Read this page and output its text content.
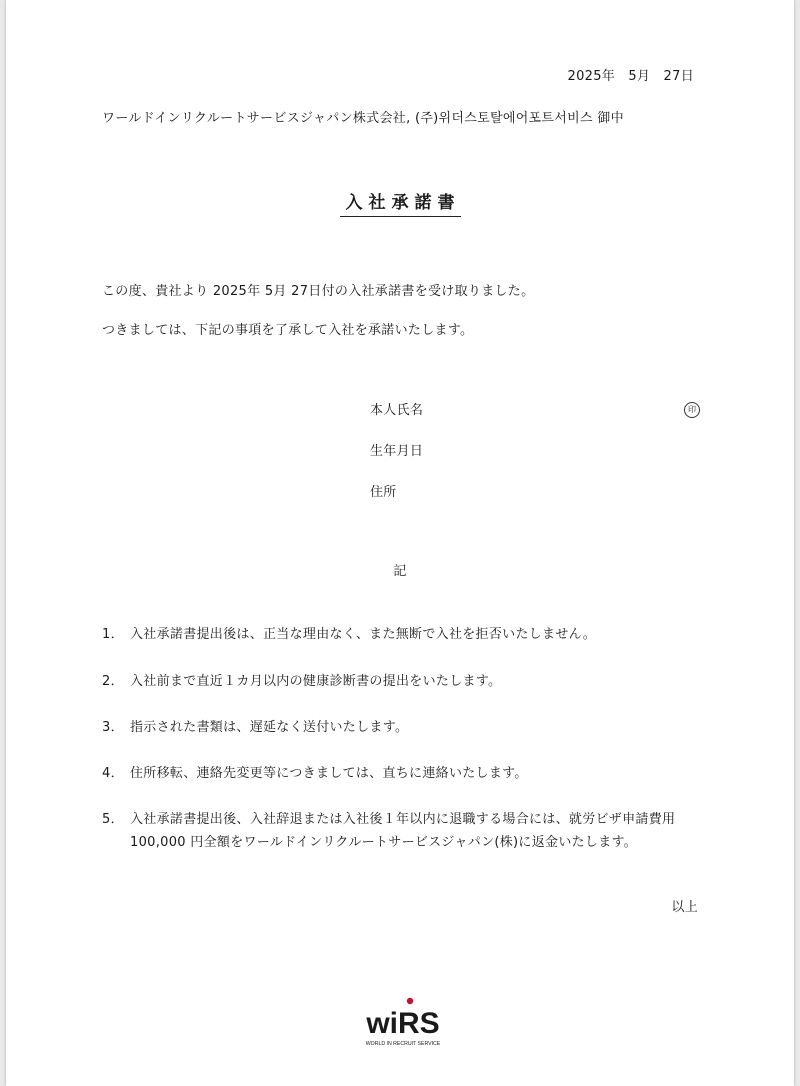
2025年　5月　27日
ワールドインリクルートサービスジャパン株式会社, (주)위더스토탈에어포트서비스 御中
入社承諾書
この度、貴社より 2025年 5月 27日付の入社承諾書を受け取りました。
つきましては、下記の事項を了承して入社を承諾いたします。
本人氏名	印
生年月日
住所
記
1． 入社承諾書提出後は、正当な理由なく、また無断で入社を拒否いたしません。
2． 入社前まで直近１カ月以内の健康診断書の提出をいたします。
3． 指示された書類は、遅延なく送付いたします。
4． 住所移転、連絡先変更等につきましては、直ちに連絡いたします。
5． 入社承諾書提出後、入社辞退または入社後１年以内に退職する場合には、就労ビザ申請費用
100,000 円全額をワールドインリクルートサービスジャパン(株)に返金いたします。
以上
wiRS
WORLD IN RECRUIT SERVICE
